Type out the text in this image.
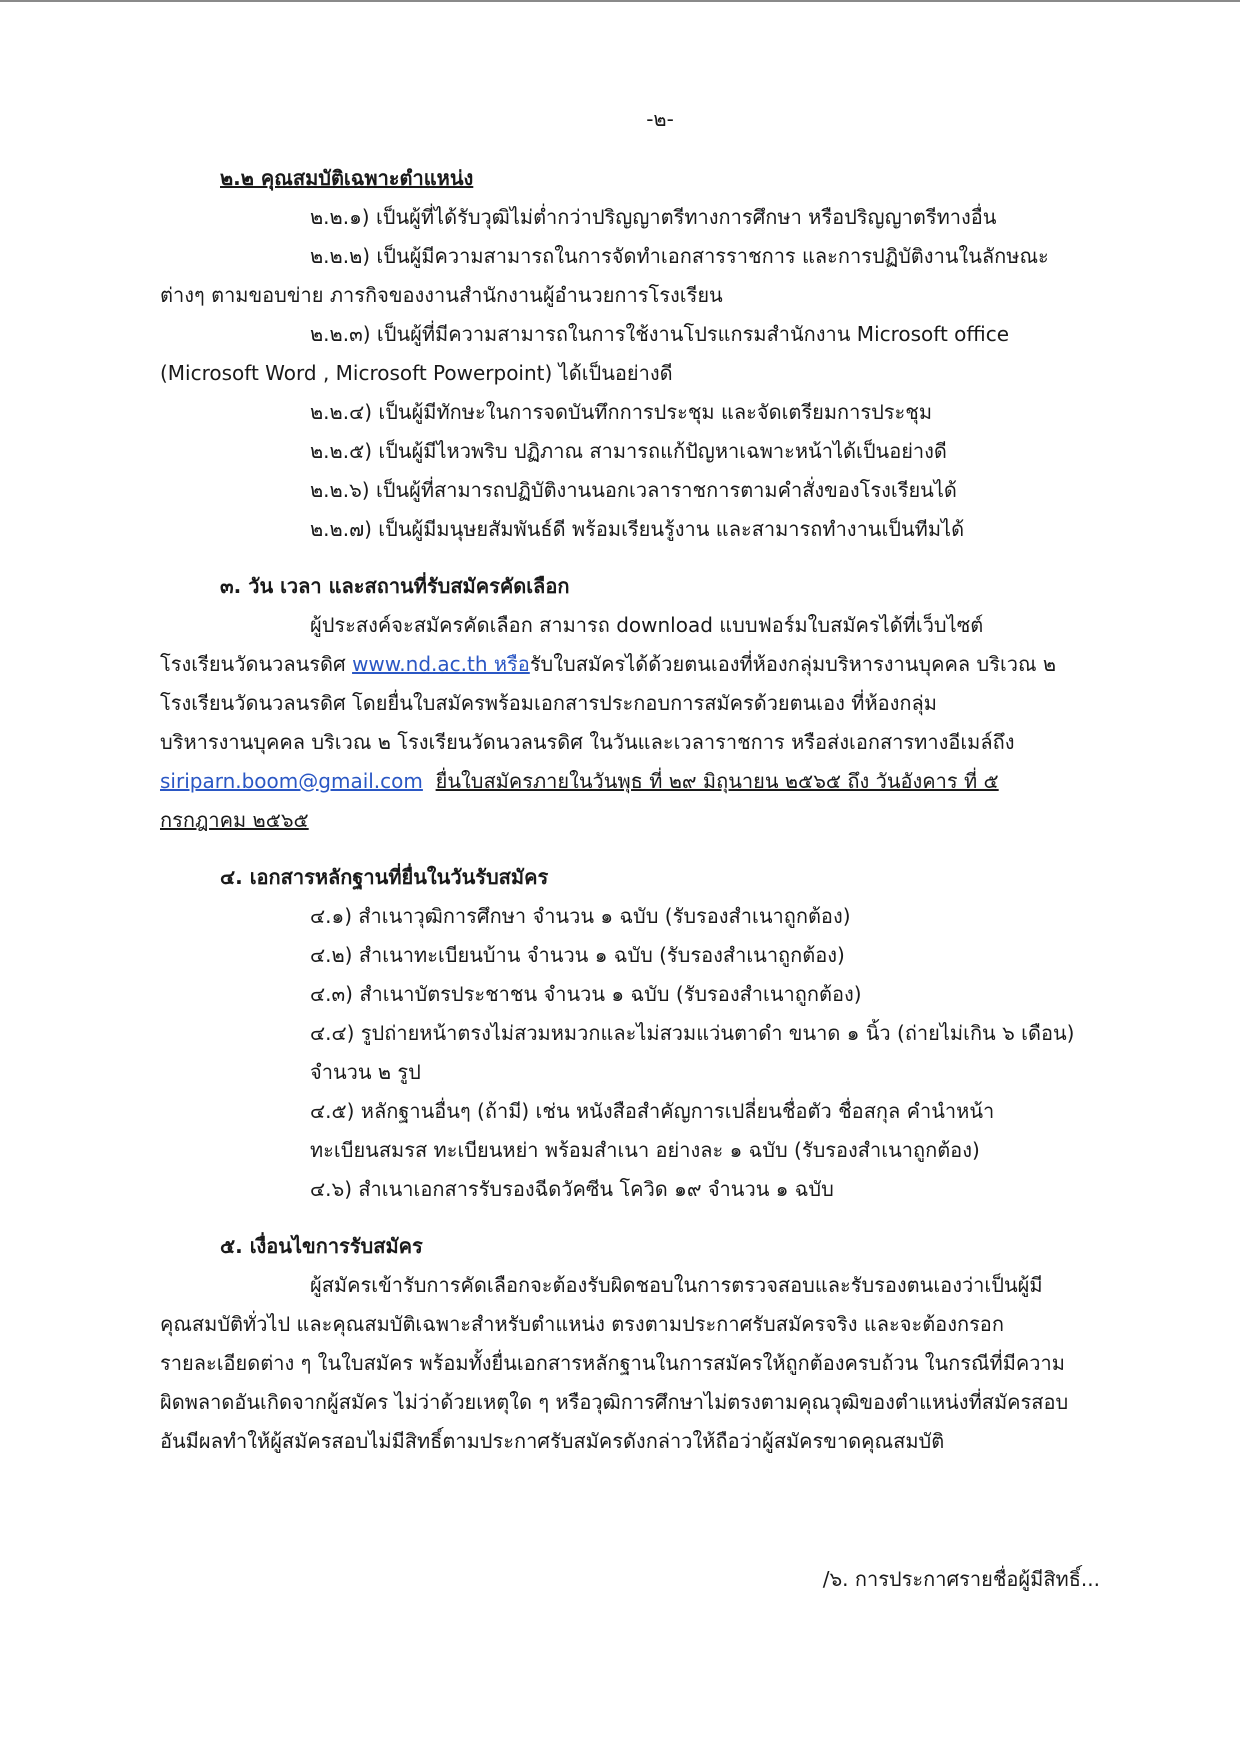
-๒-
๒.๒ คุณสมบัติเฉพาะตำแหน่ง
๒.๒.๑) เป็นผู้ที่ได้รับวุฒิไม่ต่ำกว่าปริญญาตรีทางการศึกษา หรือปริญญาตรีทางอื่น
๒.๒.๒) เป็นผู้มีความสามารถในการจัดทำเอกสารราชการ และการปฏิบัติงานในลักษณะ
ต่างๆ ตามขอบข่าย ภารกิจของงานสำนักงานผู้อำนวยการโรงเรียน
๒.๒.๓) เป็นผู้ที่มีความสามารถในการใช้งานโปรแกรมสำนักงาน Microsoft office
(Microsoft Word , Microsoft Powerpoint) ได้เป็นอย่างดี
๒.๒.๔) เป็นผู้มีทักษะในการจดบันทึกการประชุม และจัดเตรียมการประชุม
๒.๒.๕) เป็นผู้มีไหวพริบ ปฏิภาณ สามารถแก้ปัญหาเฉพาะหน้าได้เป็นอย่างดี
๒.๒.๖) เป็นผู้ที่สามารถปฏิบัติงานนอกเวลาราชการตามคำสั่งของโรงเรียนได้
๒.๒.๗) เป็นผู้มีมนุษยสัมพันธ์ดี พร้อมเรียนรู้งาน และสามารถทำงานเป็นทีมได้
๓. วัน เวลา และสถานที่รับสมัครคัดเลือก
ผู้ประสงค์จะสมัครคัดเลือก สามารถ download แบบฟอร์มใบสมัครได้ที่เว็บไซต์
โรงเรียนวัดนวลนรดิศ www.nd.ac.th หรือรับใบสมัครได้ด้วยตนเองที่ห้องกลุ่มบริหารงานบุคคล บริเวณ ๒
โรงเรียนวัดนวลนรดิศ โดยยื่นใบสมัครพร้อมเอกสารประกอบการสมัครด้วยตนเอง ที่ห้องกลุ่ม
บริหารงานบุคคล บริเวณ ๒ โรงเรียนวัดนวลนรดิศ ในวันและเวลาราชการ หรือส่งเอกสารทางอีเมล์ถึง
siriparn.boom@gmail.com ยื่นใบสมัครภายในวันพุธ ที่ ๒๙ มิถุนายน ๒๕๖๕ ถึง วันอังคาร ที่ ๕
กรกฎาคม ๒๕๖๕
๔. เอกสารหลักฐานที่ยื่นในวันรับสมัคร
๔.๑) สำเนาวุฒิการศึกษา จำนวน ๑ ฉบับ (รับรองสำเนาถูกต้อง)
๔.๒) สำเนาทะเบียนบ้าน จำนวน ๑ ฉบับ (รับรองสำเนาถูกต้อง)
๔.๓) สำเนาบัตรประชาชน จำนวน ๑ ฉบับ (รับรองสำเนาถูกต้อง)
๔.๔) รูปถ่ายหน้าตรงไม่สวมหมวกและไม่สวมแว่นตาดำ ขนาด ๑ นิ้ว (ถ่ายไม่เกิน ๖ เดือน)
จำนวน ๒ รูป
๔.๕) หลักฐานอื่นๆ (ถ้ามี) เช่น หนังสือสำคัญการเปลี่ยนชื่อตัว ชื่อสกุล คำนำหน้า
ทะเบียนสมรส ทะเบียนหย่า พร้อมสำเนา อย่างละ ๑ ฉบับ (รับรองสำเนาถูกต้อง)
๔.๖) สำเนาเอกสารรับรองฉีดวัคซีน โควิด ๑๙ จำนวน ๑ ฉบับ
๕. เงื่อนไขการรับสมัคร
ผู้สมัครเข้ารับการคัดเลือกจะต้องรับผิดชอบในการตรวจสอบและรับรองตนเองว่าเป็นผู้มี
คุณสมบัติทั่วไป และคุณสมบัติเฉพาะสำหรับตำแหน่ง ตรงตามประกาศรับสมัครจริง และจะต้องกรอก
รายละเอียดต่าง ๆ ในใบสมัคร พร้อมทั้งยื่นเอกสารหลักฐานในการสมัครให้ถูกต้องครบถ้วน ในกรณีที่มีความ
ผิดพลาดอันเกิดจากผู้สมัคร ไม่ว่าด้วยเหตุใด ๆ หรือวุฒิการศึกษาไม่ตรงตามคุณวุฒิของตำแหน่งที่สมัครสอบ
อันมีผลทำให้ผู้สมัครสอบไม่มีสิทธิ์ตามประกาศรับสมัครดังกล่าวให้ถือว่าผู้สมัครขาดคุณสมบัติ
/๖. การประกาศรายชื่อผู้มีสิทธิ์...
